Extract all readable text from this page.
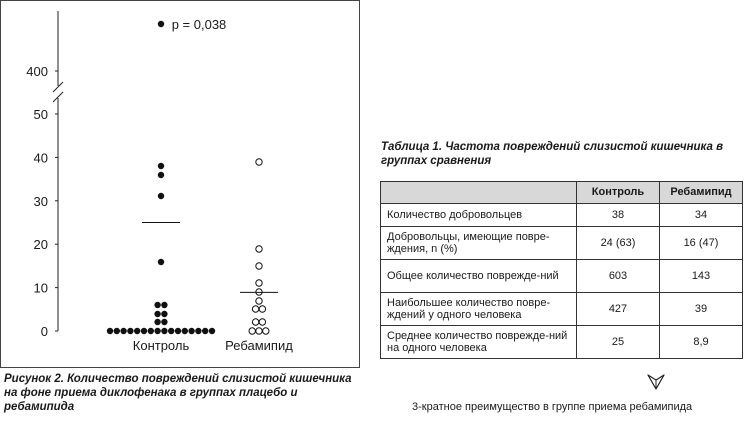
0
10
20
30
40
50
400
p = 0,038
Контроль	Ребамипид
Рисунок 2. Количество повреждений слизистой кишечника на фоне приема диклофенака в группах плацебо и ребамипида
Таблица 1. Частота повреждений слизистой кишечника в группах сравнения
	Контроль	Ребамипид
Количество добровольцев	38	34
Добровольцы, имеющие повре-ждения, n (%)	24 (63)	16 (47)
Общее количество поврежде-ний	603	143
Наибольшее количество повре-ждений у одного человека	427	39
Среднее количество поврежде-ний на одного человека	25	8,9
3-кратное преимущество в группе приема ребамипида
